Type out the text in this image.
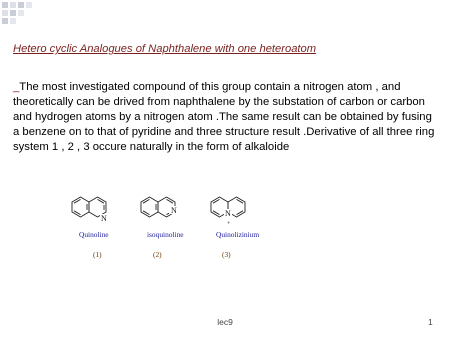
Hetero cyclic Analogues of Naphthalene with one heteroatom
_The most investigated compound of this group contain a nitrogen atom , and theoretically can be drived from naphthalene by the substation of carbon or carbon and hydrogen atoms by a nitrogen atom .The same result can be obtained by fusing a benzene on to that of pyridine and three structure result .Derivative of all three ring system 1 , 2 , 3 occure naturally in the form of alkaloide
N
N	N
+
Quinoline	isoquinoline	Quinolizinium
(1)	(2)	(3)
lec9	1
